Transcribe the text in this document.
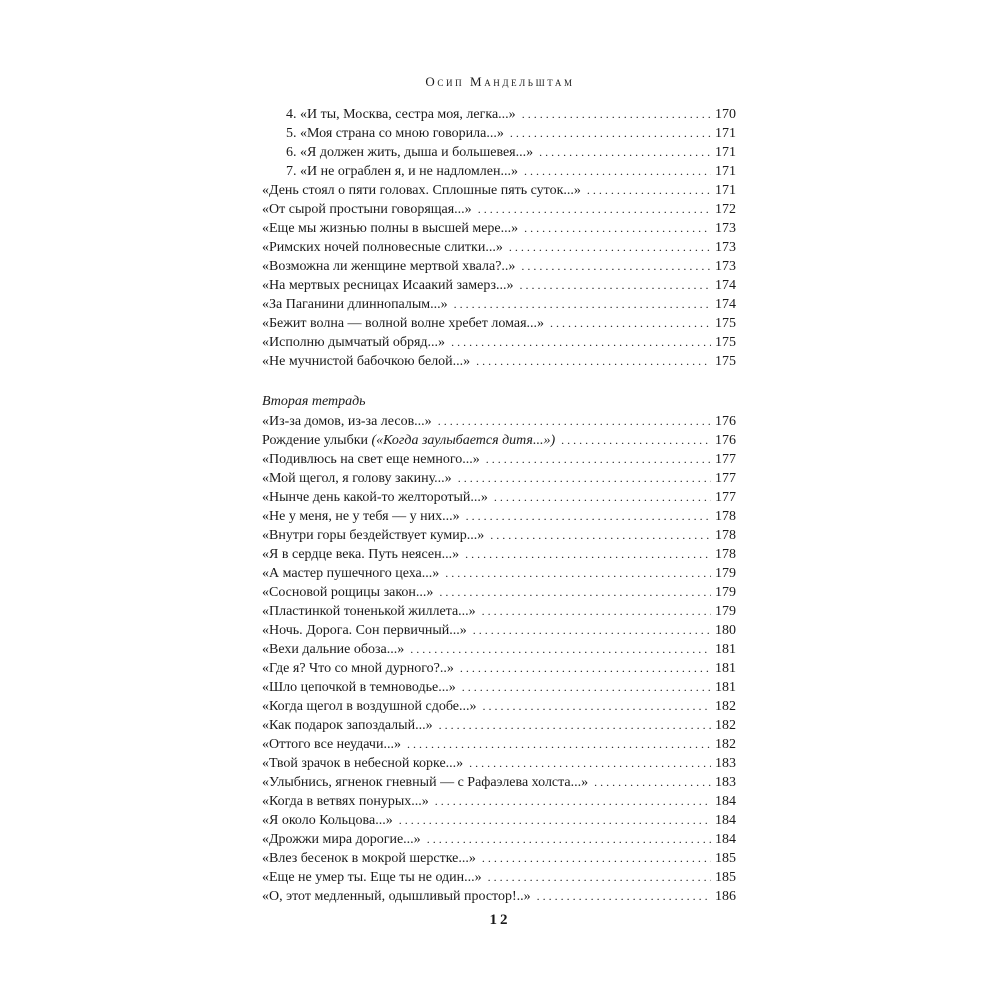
Осип Мандельштам
4. «И ты, Москва, сестра моя, легка...» . . .	170
5. «Моя страна со мною говорила...» . . .	171
6. «Я должен жить, дыша и большевея...» . . .	171
7. «И не ограблен я, и не надломлен...» . . .	171
«День стоял о пяти головах. Сплошные пять суток...» . . .	171
«От сырой простыни говорящая...» . . .	172
«Еще мы жизнью полны в высшей мере...» . . .	173
«Римских ночей полновесные слитки...» . . .	173
«Возможна ли женщине мертвой хвала?..» . . .	173
«На мертвых ресницах Исаакий замерз...» . . .	174
«За Паганини длиннопалым...» . . .	174
«Бежит волна — волной волне хребет ломая...» . . .	175
«Исполню дымчатый обряд...» . . .	175
«Не мучнистой бабочкою белой...» . . .	175
Вторая тетрадь
«Из-за домов, из-за лесов...» . . .	176
Рождение улыбки («Когда заулыбается дитя...») . . .	176
«Подивлюсь на свет еще немного...» . . .	177
«Мой щегол, я голову закину...» . . .	177
«Нынче день какой-то желторотый...» . . .	177
«Не у меня, не у тебя — у них...» . . .	178
«Внутри горы бездействует кумир...» . . .	178
«Я в сердце века. Путь неясен...» . . .	178
«А мастер пушечного цеха...» . . .	179
«Сосновой рощицы закон...» . . .	179
«Пластинкой тоненькой жиллета...» . . .	179
«Ночь. Дорога. Сон первичный...» . . .	180
«Вехи дальние обоза...» . . .	181
«Где я? Что со мной дурного?..» . . .	181
«Шло цепочкой в темноводье...» . . .	181
«Когда щегол в воздушной сдобе...» . . .	182
«Как подарок запоздалый...» . . .	182
«Оттого все неудачи...» . . .	182
«Твой зрачок в небесной корке...» . . .	183
«Улыбнись, ягненок гневный — с Рафаэлева холста...» . . .	183
«Когда в ветвях понурых...» . . .	184
«Я около Кольцова...» . . .	184
«Дрожжи мира дорогие...» . . .	184
«Влез бесенок в мокрой шерстке...» . . .	185
«Еще не умер ты. Еще ты не один...» . . .	185
«О, этот медленный, одышливый простор!..» . . .	186
12
